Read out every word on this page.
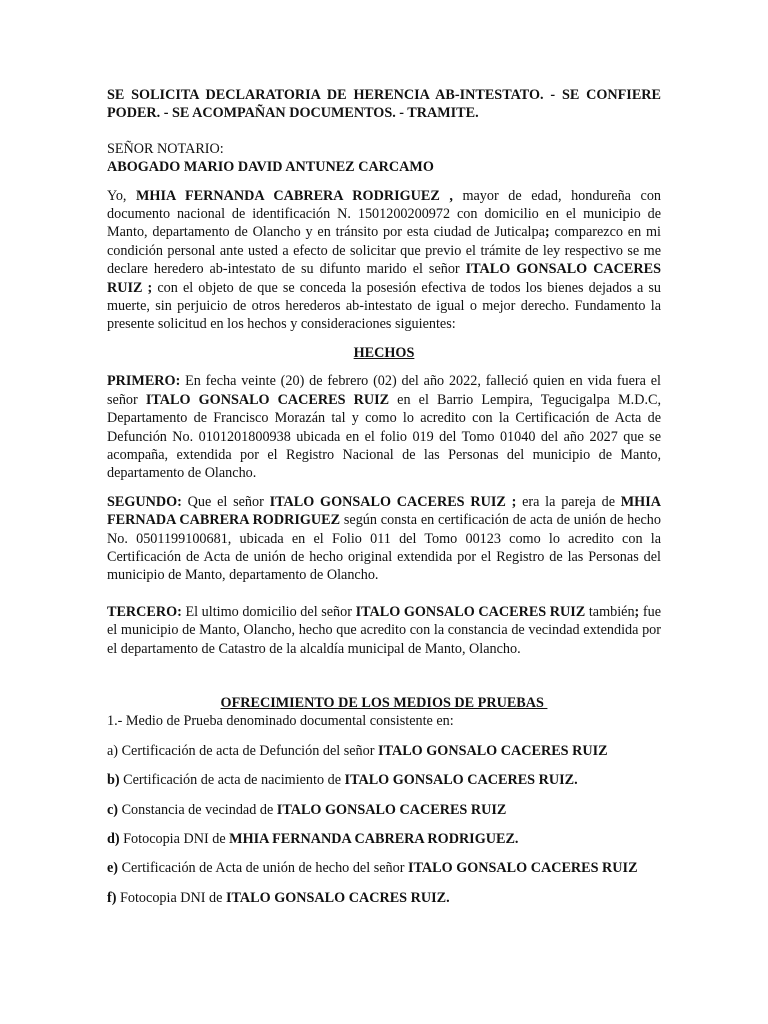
SE SOLICITA DECLARATORIA DE HERENCIA AB-INTESTATO. - SE CONFIERE PODER. - SE ACOMPAÑAN DOCUMENTOS. - TRAMITE.

SEÑOR NOTARIO:

ABOGADO MARIO DAVID ANTUNEZ CARCAMO

Yo, MHIA FERNANDA CABRERA RODRIGUEZ , mayor de edad, hondureña con documento nacional de identificación N. 1501200200972 con domicilio en el municipio de Manto, departamento de Olancho y en tránsito por esta ciudad de Juticalpa; comparezco en mi condición personal ante usted a efecto de solicitar que previo el trámite de ley respectivo se me declare heredero ab-intestato de su difunto marido el señor ITALO GONSALO CACERES RUIZ ; con el objeto de que se conceda la posesión efectiva de todos los bienes dejados a su muerte, sin perjuicio de otros herederos ab-intestato de igual o mejor derecho. Fundamento la presente solicitud en los hechos y consideraciones siguientes:

HECHOS

PRIMERO: En fecha veinte (20) de febrero (02) del año 2022, falleció quien en vida fuera el señor ITALO GONSALO CACERES RUIZ en el Barrio Lempira, Tegucigalpa M.D.C, Departamento de Francisco Morazán tal y como lo acredito con la Certificación de Acta de Defunción No. 0101201800938 ubicada en el folio 019 del Tomo 01040 del año 2027 que se acompaña, extendida por el Registro Nacional de las Personas del municipio de Manto, departamento de Olancho.

SEGUNDO: Que el señor ITALO GONSALO CACERES RUIZ ; era la pareja de MHIA FERNADA CABRERA RODRIGUEZ según consta en certificación de acta de unión de hecho No. 0501199100681, ubicada en el Folio 011 del Tomo 00123 como lo acredito con la Certificación de Acta de unión de hecho original extendida por el Registro de las Personas del municipio de Manto, departamento de Olancho.

TERCERO: El ultimo domicilio del señor ITALO GONSALO CACERES RUIZ también; fue el municipio de Manto, Olancho, hecho que acredito con la constancia de vecindad extendida por el departamento de Catastro de la alcaldía municipal de Manto, Olancho.

OFRECIMIENTO DE LOS MEDIOS DE PRUEBAS

1.- Medio de Prueba denominado documental consistente en:

a) Certificación de acta de Defunción del señor ITALO GONSALO CACERES RUIZ

b) Certificación de acta de nacimiento de ITALO GONSALO CACERES RUIZ.

c) Constancia de vecindad de ITALO GONSALO CACERES RUIZ

d) Fotocopia DNI de MHIA FERNANDA CABRERA RODRIGUEZ.

e) Certificación de Acta de unión de hecho del señor ITALO GONSALO CACERES RUIZ

f) Fotocopia DNI de ITALO GONSALO CACRES RUIZ.
